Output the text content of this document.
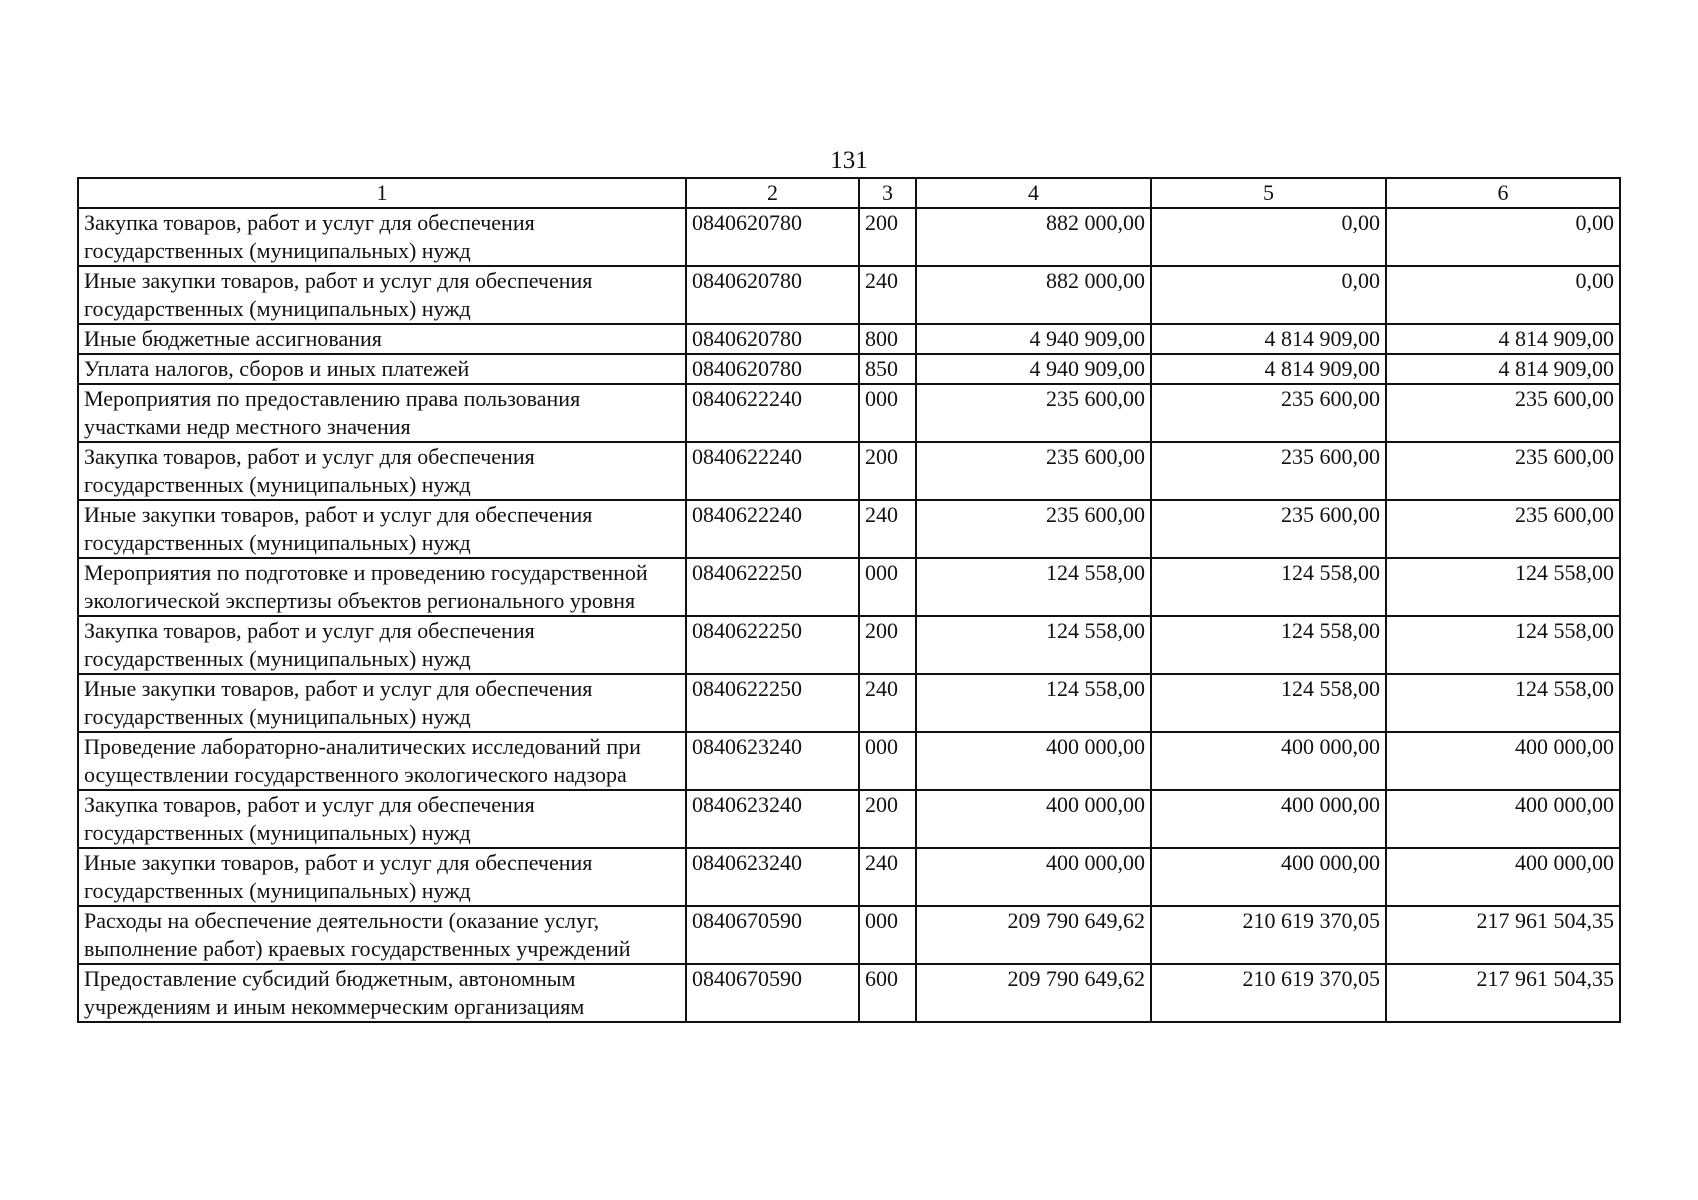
131
1	2	3	4	5	6
Закупка товаров, работ и услуг для обеспечения государственных (муниципальных) нужд	0840620780	200	882 000,00	0,00	0,00
Иные закупки товаров, работ и услуг для обеспечения государственных (муниципальных) нужд	0840620780	240	882 000,00	0,00	0,00
Иные бюджетные ассигнования	0840620780	800	4 940 909,00	4 814 909,00	4 814 909,00
Уплата налогов, сборов и иных платежей	0840620780	850	4 940 909,00	4 814 909,00	4 814 909,00
Мероприятия по предоставлению права пользования участками недр местного значения	0840622240	000	235 600,00	235 600,00	235 600,00
Закупка товаров, работ и услуг для обеспечения государственных (муниципальных) нужд	0840622240	200	235 600,00	235 600,00	235 600,00
Иные закупки товаров, работ и услуг для обеспечения государственных (муниципальных) нужд	0840622240	240	235 600,00	235 600,00	235 600,00
Мероприятия по подготовке и проведению государственной экологической экспертизы объектов регионального уровня	0840622250	000	124 558,00	124 558,00	124 558,00
Закупка товаров, работ и услуг для обеспечения государственных (муниципальных) нужд	0840622250	200	124 558,00	124 558,00	124 558,00
Иные закупки товаров, работ и услуг для обеспечения государственных (муниципальных) нужд	0840622250	240	124 558,00	124 558,00	124 558,00
Проведение лабораторно-аналитических исследований при осуществлении государственного экологического надзора	0840623240	000	400 000,00	400 000,00	400 000,00
Закупка товаров, работ и услуг для обеспечения государственных (муниципальных) нужд	0840623240	200	400 000,00	400 000,00	400 000,00
Иные закупки товаров, работ и услуг для обеспечения государственных (муниципальных) нужд	0840623240	240	400 000,00	400 000,00	400 000,00
Расходы на обеспечение деятельности (оказание услуг, выполнение работ) краевых государственных учреждений	0840670590	000	209 790 649,62	210 619 370,05	217 961 504,35
Предоставление субсидий бюджетным, автономным учреждениям и иным некоммерческим организациям	0840670590	600	209 790 649,62	210 619 370,05	217 961 504,35
